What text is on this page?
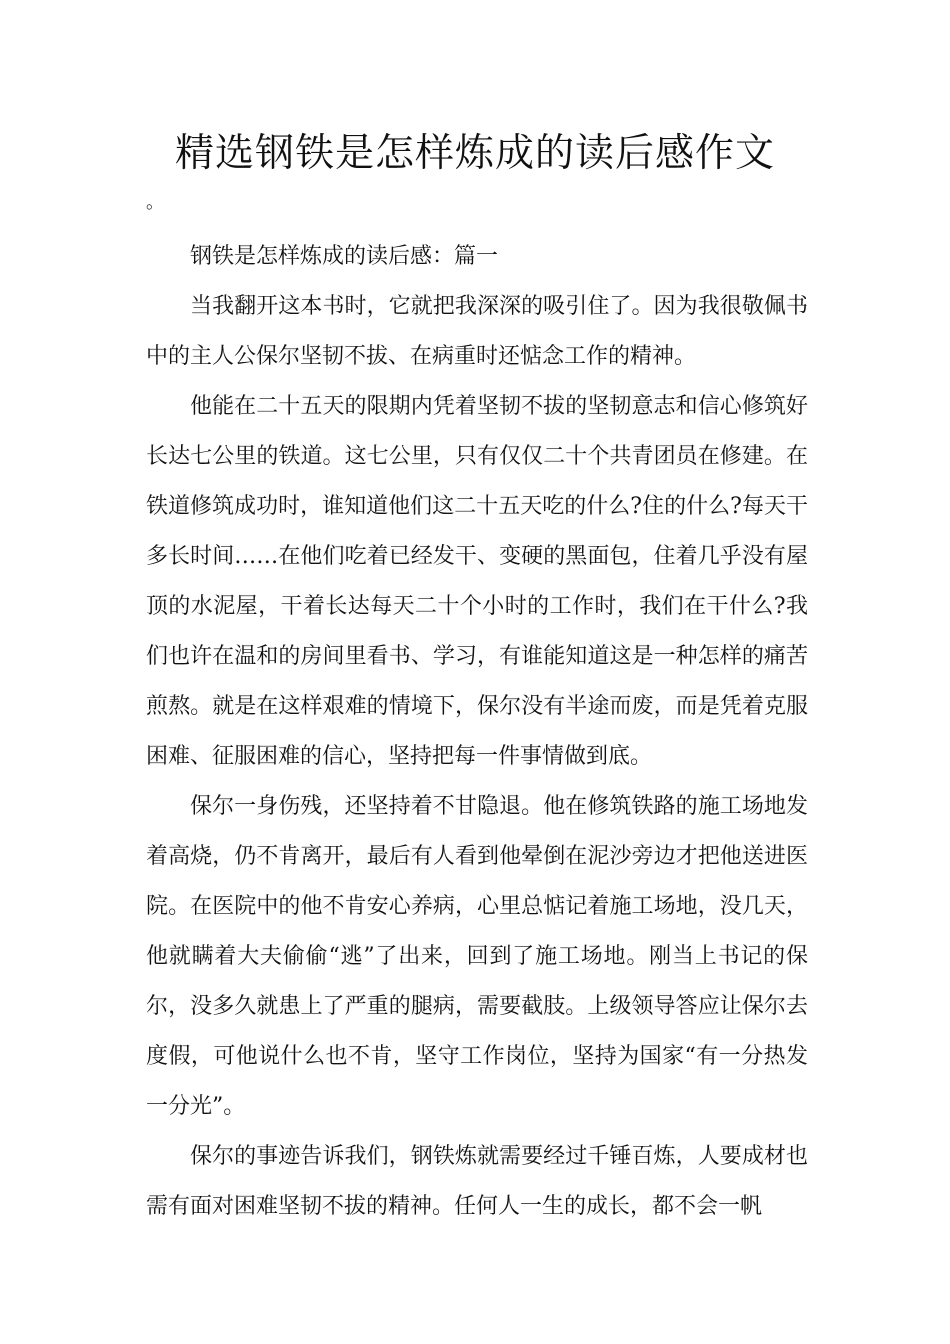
精选钢铁是怎样炼成的读后感作文
。

钢铁是怎样炼成的读后感：篇一

当我翻开这本书时，它就把我深深的吸引住了。因为我很敬佩书中的主人公保尔坚韧不拔、在病重时还惦念工作的精神。

他能在二十五天的限期内凭着坚韧不拔的坚韧意志和信心修筑好长达七公里的铁道。这七公里，只有仅仅二十个共青团员在修建。在铁道修筑成功时，谁知道他们这二十五天吃的什么?住的什么?每天干多长时间……在他们吃着已经发干、变硬的黑面包，住着几乎没有屋顶的水泥屋，干着长达每天二十个小时的工作时，我们在干什么?我们也许在温和的房间里看书、学习，有谁能知道这是一种怎样的痛苦煎熬。就是在这样艰难的情境下，保尔没有半途而废，而是凭着克服困难、征服困难的信心，坚持把每一件事情做到底。

保尔一身伤残，还坚持着不甘隐退。他在修筑铁路的施工场地发着高烧，仍不肯离开，最后有人看到他晕倒在泥沙旁边才把他送进医院。在医院中的他不肯安心养病，心里总惦记着施工场地，没几天，他就瞒着大夫偷偷“逃”了出来，回到了施工场地。刚当上书记的保尔，没多久就患上了严重的腿病，需要截肢。上级领导答应让保尔去度假，可他说什么也不肯，坚守工作岗位，坚持为国家“有一分热发一分光”。

保尔的事迹告诉我们，钢铁炼就需要经过千锤百炼，人要成材也需有面对困难坚韧不拔的精神。任何人一生的成长，都不会一帆
